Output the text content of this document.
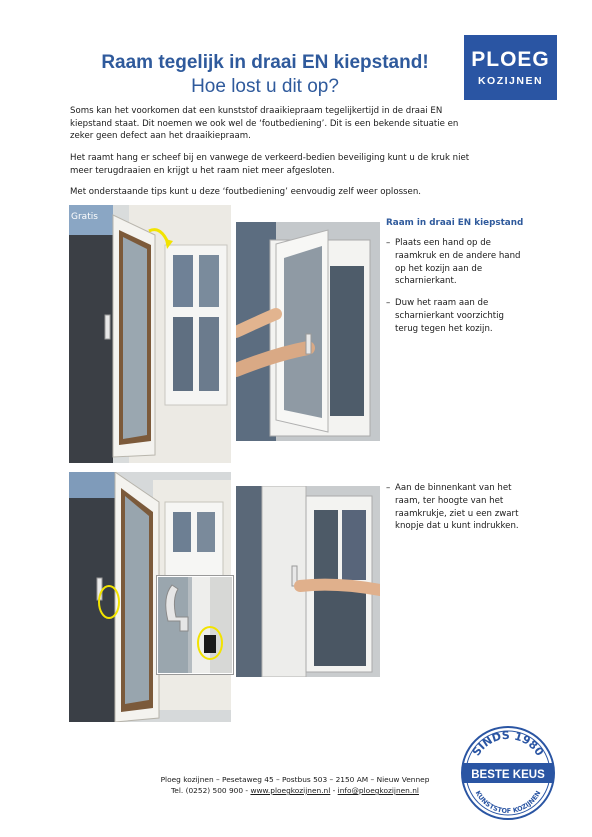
Raam tegelijk in draai EN kiepstand!
Hoe lost u dit op?
PLOEG
KOZIJNEN

Soms kan het voorkomen dat een kunststof draaikiepraam tegelijkertijd in de draai EN kiepstand staat. Dit noemen we ook wel de ‘foutbediening’. Dit is een bekende situatie en zeker geen defect aan het draaikiepraam.

Het raamt hang er scheef bij en vanwege de verkeerd-bedien beveiliging kunt u de kruk niet meer terugdraaien en krijgt u het raam niet meer afgesloten.

Met onderstaande tips kunt u deze ‘foutbediening’ eenvoudig zelf weer oplossen.

Gratis
Raam in draai EN kiepstand
– Plaats een hand op de raamkruk en de andere hand op het kozijn aan de scharnierkant.
– Duw het raam aan de scharnierkant voorzichtig terug tegen het kozijn.
– Aan de binnenkant van het raam, ter hoogte van het raamkrukje, ziet u een zwart knopje dat u kunt indrukken.
Ploeg kozijnen – Pesetaweg 45 – Postbus 503 – 2150 AM – Nieuw Vennep
Tel. (0252) 500 900 - www.ploegkozijnen.nl - info@ploegkozijnen.nl
SINDS 1980
BESTE KEUS
KUNSTSTOF KOZIJNEN
